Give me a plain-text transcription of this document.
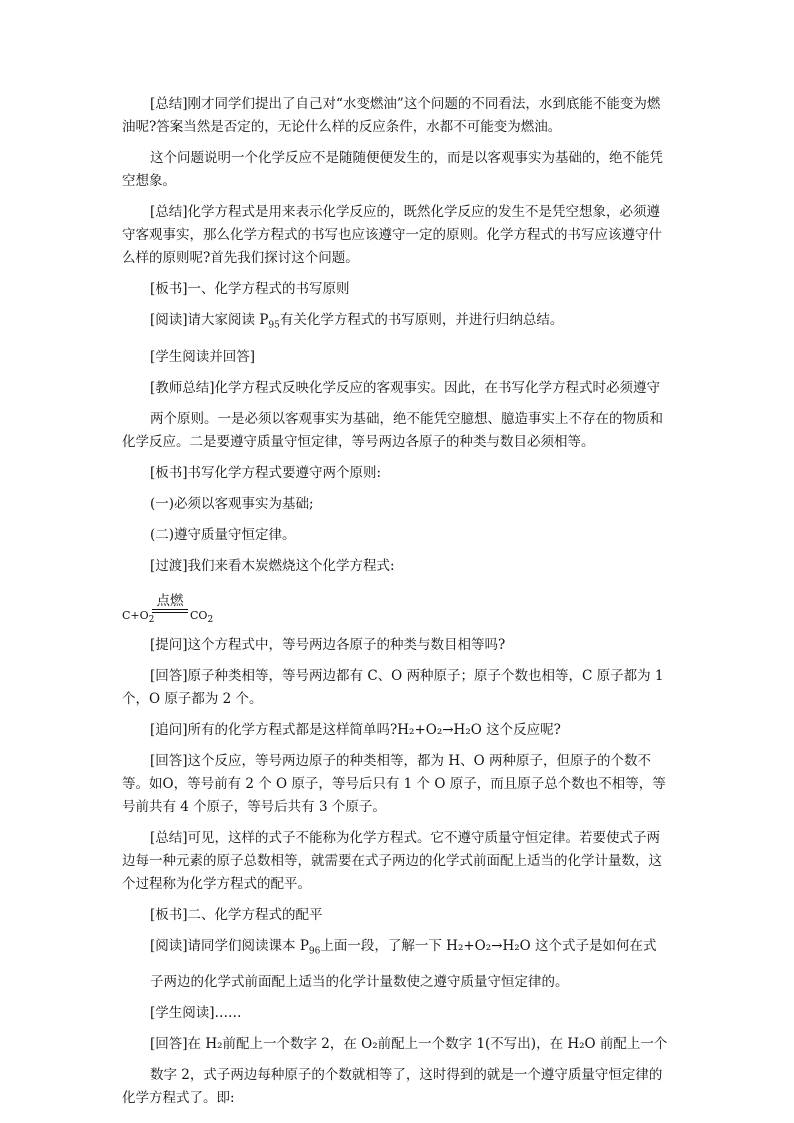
[总结]刚才同学们提出了自己对“水变燃油”这个问题的不同看法，水到底能不能变为燃油呢?答案当然是否定的，无论什么样的反应条件，水都不可能变为燃油。

这个问题说明一个化学反应不是随随便便发生的，而是以客观事实为基础的，绝不能凭空想象。

[总结]化学方程式是用来表示化学反应的，既然化学反应的发生不是凭空想象，必须遵守客观事实，那么化学方程式的书写也应该遵守一定的原则。化学方程式的书写应该遵守什么样的原则呢?首先我们探讨这个问题。

[板书]一、化学方程式的书写原则

[阅读]请大家阅读 $P_{95}$有关化学方程式的书写原则，并进行归纳总结。

[学生阅读并回答]

[教师总结]化学方程式反映化学反应的客观事实。因此，在书写化学方程式时必须遵守

两个原则。一是必须以客观事实为基础，绝不能凭空臆想、臆造事实上不存在的物质和化学反应。二是要遵守质量守恒定律，等号两边各原子的种类与数目必须相等。

[板书]书写化学方程式要遵守两个原则:

(一)必须以客观事实为基础;

(二)遵守质量守恒定律。

[过渡]我们来看木炭燃烧这个化学方程式:

$C+O_2$
点燃
$CO_2$

[提问]这个方程式中，等号两边各原子的种类与数目相等吗?

[回答]原子种类相等，等号两边都有 C、O 两种原子；原子个数也相等，C 原子都为 1 个，O 原子都为 2 个。

[追问]所有的化学方程式都是这样简单吗?H₂+O₂→H₂O 这个反应呢?

[回答]这个反应，等号两边原子的种类相等，都为 H、O 两种原子，但原子的个数不等。如O，等号前有 2 个 O 原子，等号后只有 1 个 O 原子，而且原子总个数也不相等，等号前共有 4 个原子，等号后共有 3 个原子。

[总结]可见，这样的式子不能称为化学方程式。它不遵守质量守恒定律。若要使式子两边每一种元素的原子总数相等，就需要在式子两边的化学式前面配上适当的化学计量数，这个过程称为化学方程式的配平。

[板书]二、化学方程式的配平

[阅读]请同学们阅读课本 $P_{96}$上面一段，了解一下 H₂+O₂→H₂O 这个式子是如何在式

子两边的化学式前面配上适当的化学计量数使之遵守质量守恒定律的。

[学生阅读]……

[回答]在 H₂前配上一个数字 2，在 O₂前配上一个数字 1(不写出)，在 H₂O 前配上一个

数字 2，式子两边每种原子的个数就相等了，这时得到的就是一个遵守质量守恒定律的化学方程式了。即:
